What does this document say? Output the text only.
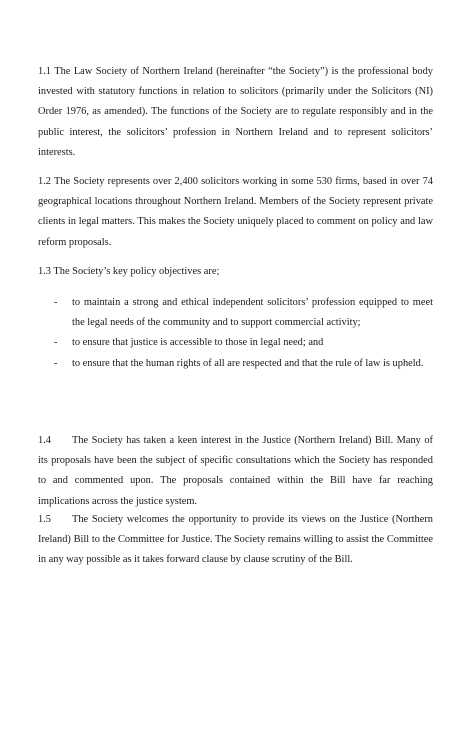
1.1 The Law Society of Northern Ireland (hereinafter “the Society”) is the professional body invested with statutory functions in relation to solicitors (primarily under the Solicitors (NI) Order 1976, as amended). The functions of the Society are to regulate responsibly and in the public interest, the solicitors’ profession in Northern Ireland and to represent solicitors’ interests.

1.2 The Society represents over 2,400 solicitors working in some 530 firms, based in over 74 geographical locations throughout Northern Ireland. Members of the Society represent private clients in legal matters. This makes the Society uniquely placed to comment on policy and law reform proposals.

1.3 The Society’s key policy objectives are;

- to maintain a strong and ethical independent solicitors’ profession equipped to meet the legal needs of the community and to support commercial activity;
- to ensure that justice is accessible to those in legal need; and
- to ensure that the human rights of all are respected and that the rule of law is upheld.

1.4 The Society has taken a keen interest in the Justice (Northern Ireland) Bill. Many of its proposals have been the subject of specific consultations which the Society has responded to and commented upon. The proposals contained within the Bill have far reaching implications across the justice system.

1.5 The Society welcomes the opportunity to provide its views on the Justice (Northern Ireland) Bill to the Committee for Justice. The Society remains willing to assist the Committee in any way possible as it takes forward clause by clause scrutiny of the Bill.
